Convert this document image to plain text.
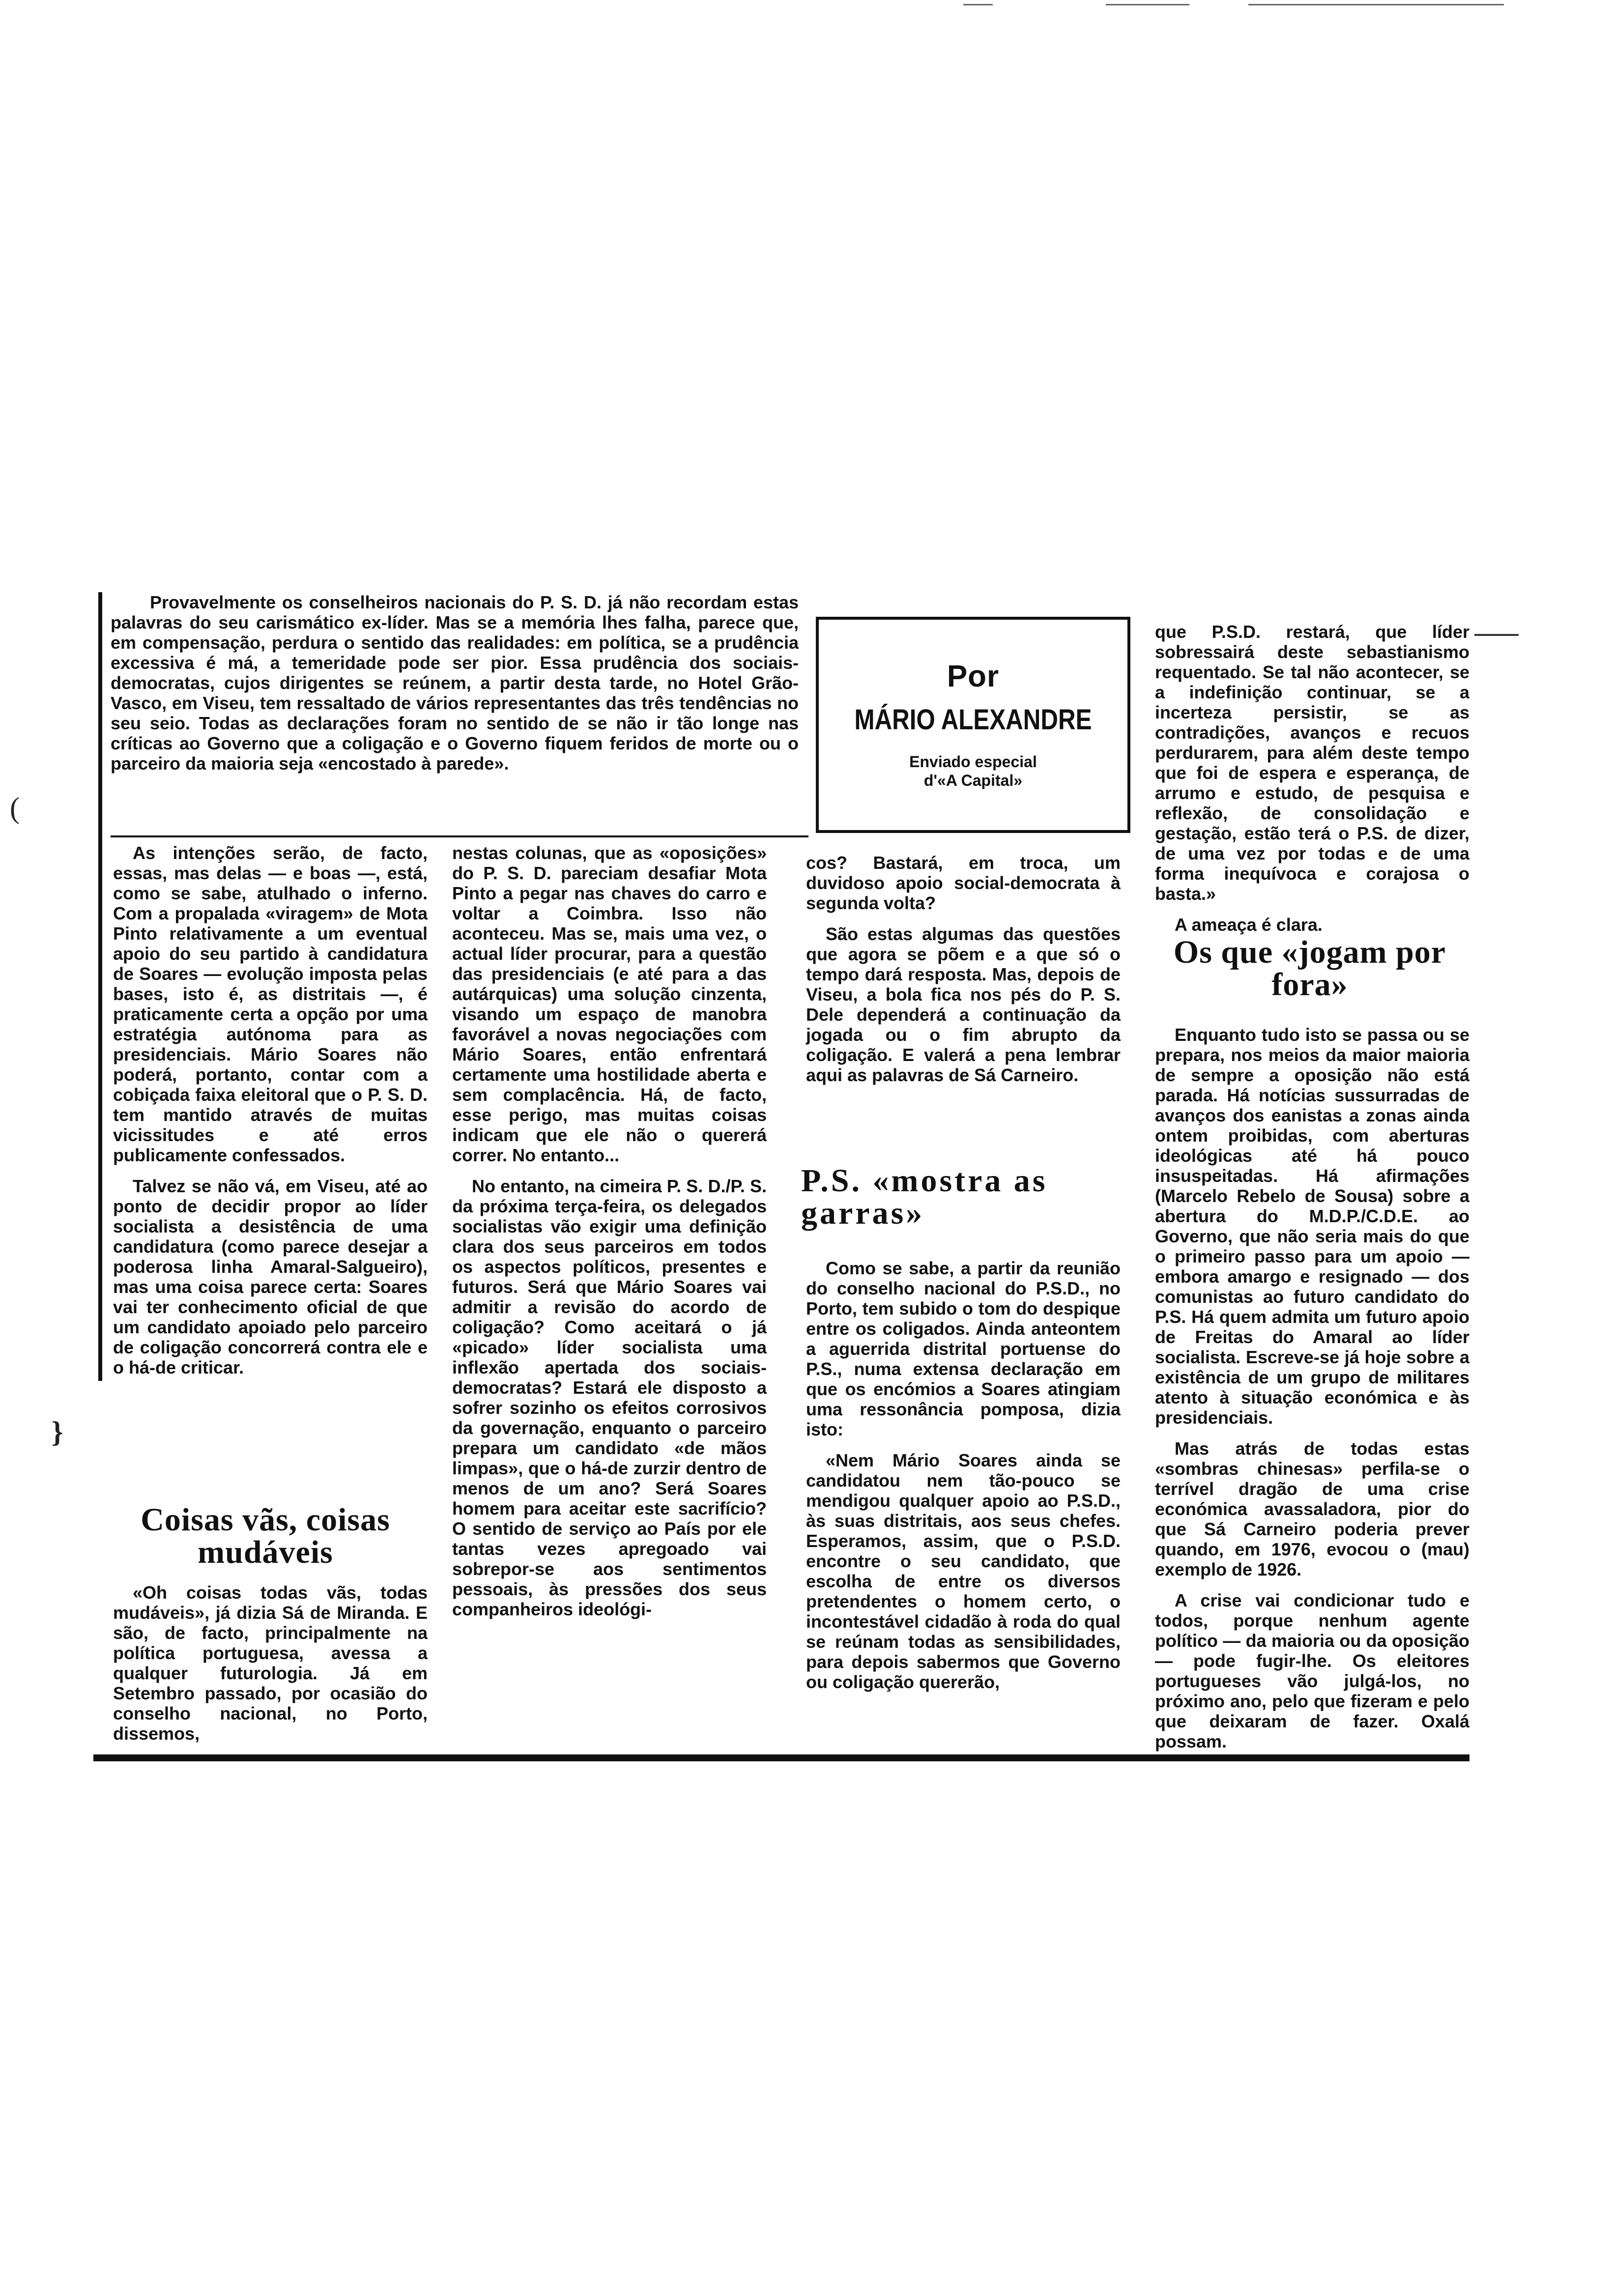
(
}

Provavelmente os conselheiros nacionais do P. S. D. já não recordam estas palavras do seu carismático ex-líder. Mas se a memória lhes falha, parece que, em compensação, perdura o sentido das realidades: em política, se a prudência excessiva é má, a temeridade pode ser pior. Essa prudência dos sociais-democratas, cujos dirigentes se reúnem, a partir desta tarde, no Hotel Grão-Vasco, em Viseu, tem ressaltado de vários representantes das três tendências no seu seio. Todas as declarações foram no sentido de se não ir tão longe nas críticas ao Governo que a coligação e o Governo fiquem feridos de morte ou o parceiro da maioria seja «encostado à parede».

Por
MÁRIO ALEXANDRE
Enviado especial
d'«A Capital»

As intenções serão, de facto, essas, mas delas — e boas —, está, como se sabe, atulhado o inferno. Com a propalada «viragem» de Mota Pinto relativamente a um eventual apoio do seu partido à candidatura de Soares — evolução imposta pelas bases, isto é, as distritais —, é praticamente certa a opção por uma estratégia autónoma para as presidenciais. Mário Soares não poderá, portanto, contar com a cobiçada faixa eleitoral que o P. S. D. tem mantido através de muitas vicissitudes e até erros publicamente confessados.

Talvez se não vá, em Viseu, até ao ponto de decidir propor ao líder socialista a desistência de uma candidatura (como parece desejar a poderosa linha Amaral-Salgueiro), mas uma coisa parece certa: Soares vai ter conhecimento oficial de que um candidato apoiado pelo parceiro de coligação concorrerá contra ele e o há-de criticar.

Coisas vãs, coisas mudáveis

«Oh coisas todas vãs, todas mudáveis», já dizia Sá de Miranda. E são, de facto, principalmente na política portuguesa, avessa a qualquer futurologia. Já em Setembro passado, por ocasião do conselho nacional, no Porto, dissemos,

nestas colunas, que as «oposições» do P. S. D. pareciam desafiar Mota Pinto a pegar nas chaves do carro e voltar a Coimbra. Isso não aconteceu. Mas se, mais uma vez, o actual líder procurar, para a questão das presidenciais (e até para a das autárquicas) uma solução cinzenta, visando um espaço de manobra favorável a novas negociações com Mário Soares, então enfrentará certamente uma hostilidade aberta e sem complacência. Há, de facto, esse perigo, mas muitas coisas indicam que ele não o quererá correr. No entanto...

No entanto, na cimeira P. S. D./P. S. da próxima terça-feira, os delegados socialistas vão exigir uma definição clara dos seus parceiros em todos os aspectos políticos, presentes e futuros. Será que Mário Soares vai admitir a revisão do acordo de coligação? Como aceitará o já «picado» líder socialista uma inflexão apertada dos sociais-democratas? Estará ele disposto a sofrer sozinho os efeitos corrosivos da governação, enquanto o parceiro prepara um candidato «de mãos limpas», que o há-de zurzir dentro de menos de um ano? Será Soares homem para aceitar este sacrifício? O sentido de serviço ao País por ele tantas vezes apregoado vai sobrepor-se aos sentimentos pessoais, às pressões dos seus companheiros ideológi-

cos? Bastará, em troca, um duvidoso apoio social-democrata à segunda volta?

São estas algumas das questões que agora se põem e a que só o tempo dará resposta. Mas, depois de Viseu, a bola fica nos pés do P. S. Dele dependerá a continuação da jogada ou o fim abrupto da coligação. E valerá a pena lembrar aqui as palavras de Sá Carneiro.

P.S. «mostra as garras»

Como se sabe, a partir da reunião do conselho nacional do P.S.D., no Porto, tem subido o tom do despique entre os coligados. Ainda anteontem a aguerrida distrital portuense do P.S., numa extensa declaração em que os encómios a Soares atingiam uma ressonância pomposa, dizia isto:

«Nem Mário Soares ainda se candidatou nem tão-pouco se mendigou qualquer apoio ao P.S.D., às suas distritais, aos seus chefes. Esperamos, assim, que o P.S.D. encontre o seu candidato, que escolha de entre os diversos pretendentes o homem certo, o incontestável cidadão à roda do qual se reúnam todas as sensibilidades, para depois sabermos que Governo ou coligação quererão,

que P.S.D. restará, que líder sobressairá deste sebastianismo requentado. Se tal não acontecer, se a indefinição continuar, se a incerteza persistir, se as contradições, avanços e recuos perdurarem, para além deste tempo que foi de espera e esperança, de arrumo e estudo, de pesquisa e reflexão, de consolidação e gestação, estão terá o P.S. de dizer, de uma vez por todas e de uma forma inequívoca e corajosa o basta.»

A ameaça é clara.

Os que «jogam por fora»

Enquanto tudo isto se passa ou se prepara, nos meios da maior maioria de sempre a oposição não está parada. Há notícias sussurradas de avanços dos eanistas a zonas ainda ontem proibidas, com aberturas ideológicas até há pouco insuspeitadas. Há afirmações (Marcelo Rebelo de Sousa) sobre a abertura do M.D.P./C.D.E. ao Governo, que não seria mais do que o primeiro passo para um apoio — embora amargo e resignado — dos comunistas ao futuro candidato do P.S. Há quem admita um futuro apoio de Freitas do Amaral ao líder socialista. Escreve-se já hoje sobre a existência de um grupo de militares atento à situação económica e às presidenciais.

Mas atrás de todas estas «sombras chinesas» perfila-se o terrível dragão de uma crise económica avassaladora, pior do que Sá Carneiro poderia prever quando, em 1976, evocou o (mau) exemplo de 1926.

A crise vai condicionar tudo e todos, porque nenhum agente político — da maioria ou da oposição — pode fugir-lhe. Os eleitores portugueses vão julgá-los, no próximo ano, pelo que fizeram e pelo que deixaram de fazer. Oxalá possam.
